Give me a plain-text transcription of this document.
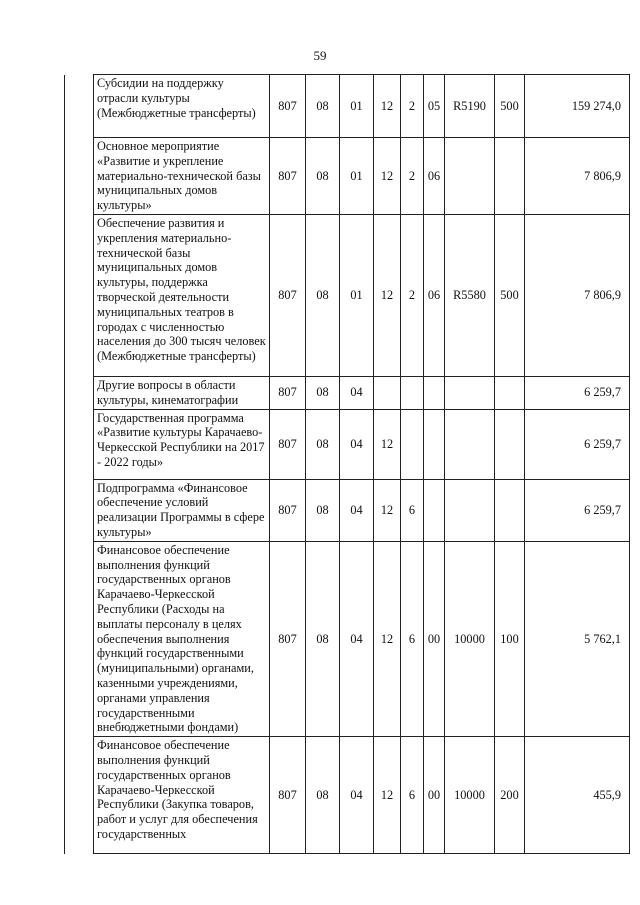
59
	Субсидии на поддержку отрасли культуры (Межбюджетные трансферты)	807	08	01	12	2	05	R5190	500	159 274,0
	Основное мероприятие «Развитие и укрепление материально-технической базы муниципальных домов культуры»	807	08	01	12	2	06			7 806,9
	Обеспечение развития и укрепления материально-технической базы муниципальных домов культуры, поддержка творческой деятельности муниципальных театров в городах с численностью населения до 300 тысяч человек (Межбюджетные трансферты)	807	08	01	12	2	06	R5580	500	7 806,9
	Другие вопросы в области культуры, кинематографии	807	08	04						6 259,7
	Государственная программа «Развитие культуры Карачаево-Черкесской Республики на 2017 - 2022 годы»	807	08	04	12					6 259,7
	Подпрограмма «Финансовое обеспечение условий реализации Программы в сфере культуры»	807	08	04	12	6				6 259,7
	Финансовое обеспечение выполнения функций государственных органов Карачаево-Черкесской Республики (Расходы на выплаты персоналу в целях обеспечения выполнения функций государственными (муниципальными) органами, казенными учреждениями, органами управления государственными внебюджетными фондами)	807	08	04	12	6	00	10000	100	5 762,1
	Финансовое обеспечение выполнения функций государственных органов Карачаево-Черкесской Республики (Закупка товаров, работ и услуг для обеспечения государственных	807	08	04	12	6	00	10000	200	455,9
